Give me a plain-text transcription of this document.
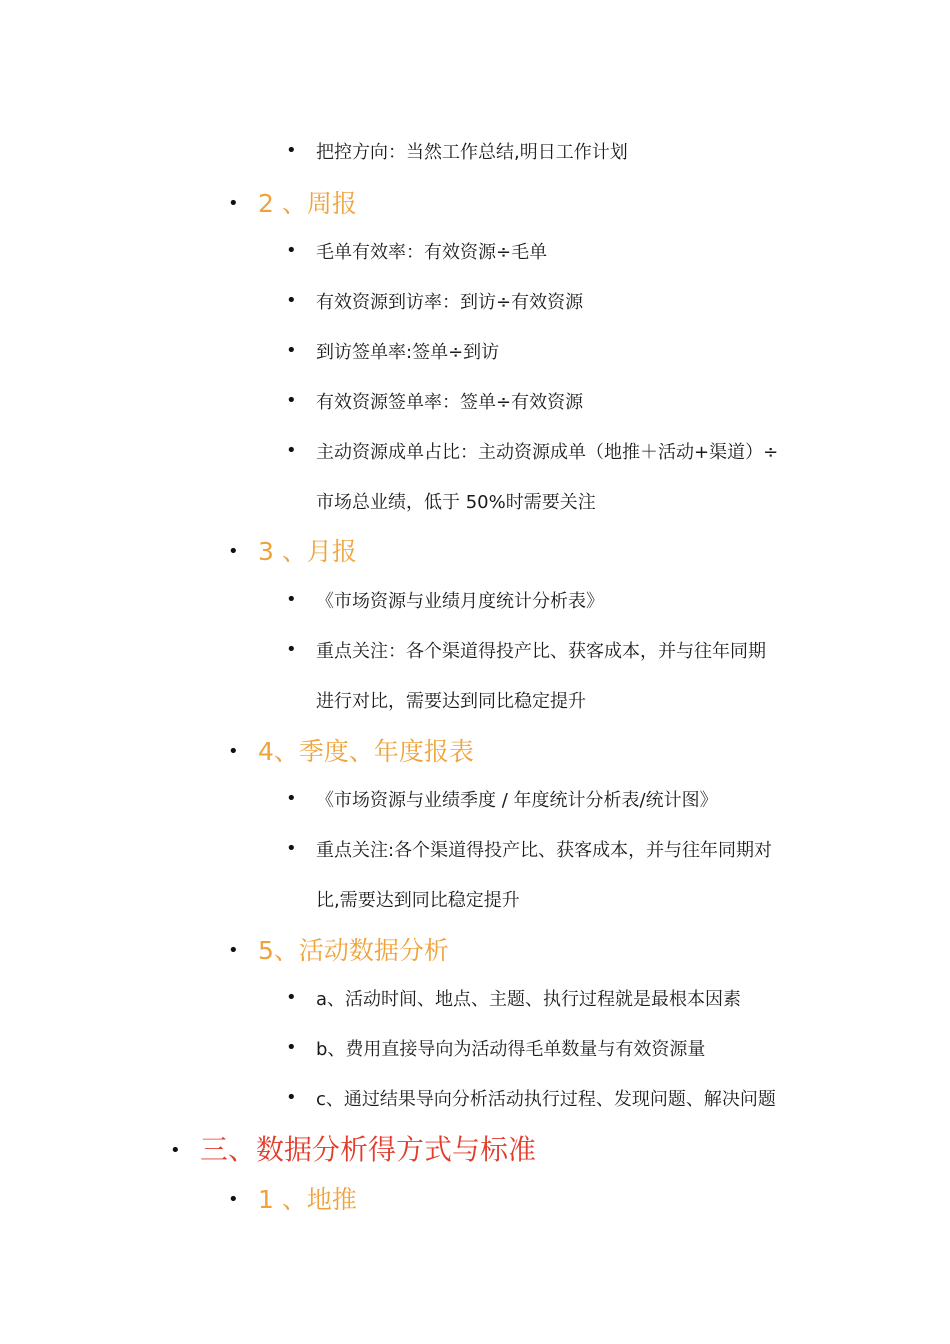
• 把控方向：当然工作总结,明日工作计划
• 2 、周报
• 毛单有效率：有效资源÷毛单
• 有效资源到访率：到访÷有效资源
• 到访签单率:签单÷到访
• 有效资源签单率：签单÷有效资源
• 主动资源成单占比：主动资源成单（地推＋活动+渠道）÷
市场总业绩，低于 50%时需要关注
• 3 、月报
• 《市场资源与业绩月度统计分析表》
• 重点关注：各个渠道得投产比、获客成本，并与往年同期
进行对比，需要达到同比稳定提升
• 4、季度、年度报表
• 《市场资源与业绩季度 / 年度统计分析表/统计图》
• 重点关注:各个渠道得投产比、获客成本，并与往年同期对
比,需要达到同比稳定提升
• 5、活动数据分析
• a、活动时间、地点、主题、执行过程就是最根本因素
• b、费用直接导向为活动得毛单数量与有效资源量
• c、通过结果导向分析活动执行过程、发现问题、解决问题
• 三、数据分析得方式与标准
• 1 、地推
